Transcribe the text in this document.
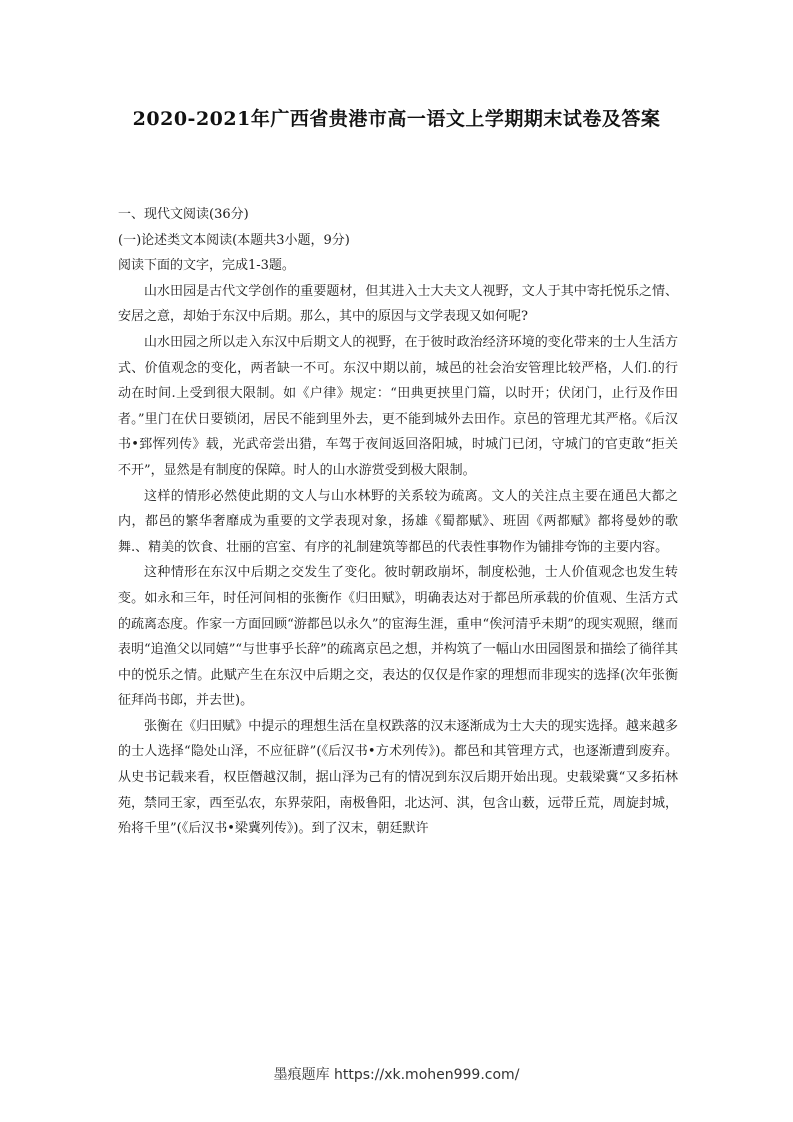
2020-2021年广西省贵港市高一语文上学期期末试卷及答案

一、现代文阅读(36分)

(一)论述类文本阅读(本题共3小题，9分)

阅读下面的文字，完成1-3题。

山水田园是古代文学创作的重要题材，但其进入士大夫文人视野，文人于其中寄托悦乐之情、安居之意，却始于东汉中后期。那么，其中的原因与文学表现又如何呢?

山水田园之所以走入东汉中后期文人的视野，在于彼时政治经济环境的变化带来的士人生活方式、价值观念的变化，两者缺一不可。东汉中期以前，城邑的社会治安管理比较严格，人们.的行动在时间.上受到很大限制。如《户律》规定：“田典更挟里门篇，以时开；伏闭门，止行及作田者。”里门在伏日要锁闭，居民不能到里外去，更不能到城外去田作。京邑的管理尤其严格。《后汉书•郅恽列传》载，光武帝尝出猎，车驾于夜间返回洛阳城，时城门已闭，守城门的官吏敢“拒关不开”，显然是有制度的保障。时人的山水游赏受到极大限制。

这样的情形必然使此期的文人与山水林野的关系较为疏离。文人的关注点主要在通邑大都之内，都邑的繁华奢靡成为重要的文学表现对象，扬雄《蜀都赋》、班固《两都赋》都将曼妙的歌舞.、精美的饮食、壮丽的宫室、有序的礼制建筑等都邑的代表性事物作为铺排夸饰的主要内容。

这种情形在东汉中后期之交发生了变化。彼时朝政崩坏，制度松弛，士人价值观念也发生转变。如永和三年，时任河间相的张衡作《归田赋》，明确表达对于都邑所承载的价值观、生活方式的疏离态度。作家一方面回顾“游都邑以永久”的宦海生涯，重申“俟河清乎未期”的现实观照，继而表明“追渔父以同嬉”“与世事乎长辞”的疏离京邑之想，并构筑了一幅山水田园图景和描绘了徜徉其中的悦乐之情。此赋产生在东汉中后期之交，表达的仅仅是作家的理想而非现实的选择(次年张衡征拜尚书郎，并去世)。

张衡在《归田赋》中提示的理想生活在皇权跌落的汉末逐渐成为士大夫的现实选择。越来越多的士人选择“隐处山泽，不应征辟”(《后汉书•方术列传》)。都邑和其管理方式，也逐渐遭到废弃。从史书记载来看，权臣僭越汉制，据山泽为己有的情况到东汉后期开始出现。史载梁冀“又多拓林苑，禁同王家，西至弘农，东界荥阳，南极鲁阳，北达河、淇，包含山薮，远带丘荒，周旋封城，殆将千里”(《后汉书•梁冀列传》)。到了汉末，朝廷默许

墨痕题库 https://xk.mohen999.com/
